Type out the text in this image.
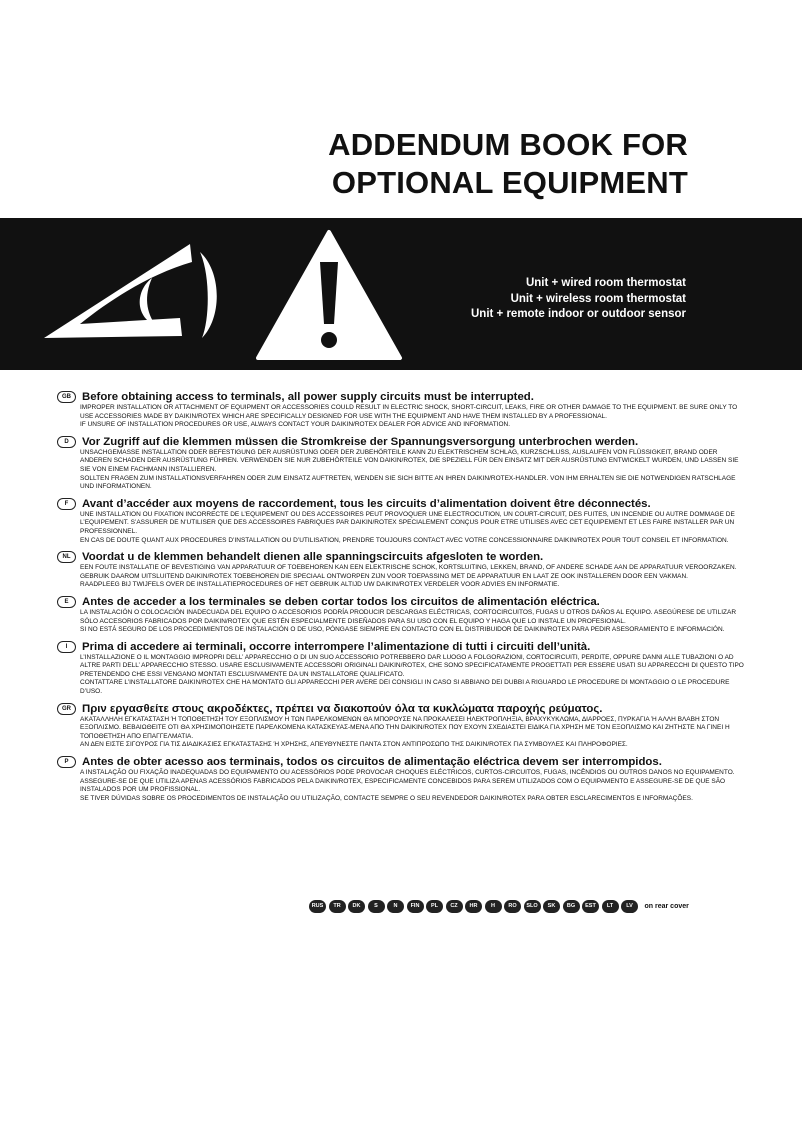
ADDENDUM BOOK FOR
OPTIONAL EQUIPMENT
Unit + wired room thermostat
Unit + wireless room thermostat
Unit + remote indoor or outdoor sensor
GB Before obtaining access to terminals, all power supply circuits must be interrupted.

IMPROPER INSTALLATION OR ATTACHMENT OF EQUIPMENT OR ACCESSORIES COULD RESULT IN ELECTRIC SHOCK, SHORT-CIRCUIT, LEAKS, FIRE OR OTHER DAMAGE TO THE EQUIPMENT. BE SURE ONLY TO USE ACCESSORIES MADE BY DAIKIN/ROTEX WHICH ARE SPECIFICALLY DESIGNED FOR USE WITH THE EQUIPMENT AND HAVE THEM INSTALLED BY A PROFESSIONAL.

IF UNSURE OF INSTALLATION PROCEDURES OR USE, ALWAYS CONTACT YOUR DAIKIN/ROTEX DEALER FOR ADVICE AND INFORMATION.

D	Vor Zugriff auf die klemmen müssen die Stromkreise der Spannungsversorgung unterbrochen werden.

UNSACHGEMASSE INSTALLATION ODER BEFESTIGUNG DER AUSRÜSTUNG ODER DER ZUBEHÖRTEILE KANN ZU ELEKTRISCHEM SCHLAG, KURZSCHLUSS, AUSLAUFEN VON FLÜSSIGKEIT, BRAND ODER ANDEREN SCHADEN DER AUSRÜSTUNG FÜHREN. VERWENDEN SIE NUR ZUBEHÖRTEILE VON DAIKIN/ROTEX, DIE SPEZIELL FÜR DEN EINSATZ MIT DER AUSRÜSTUNG ENTWICKELT WURDEN, UND LASSEN SIE SIE VON EINEM FACHMANN INSTALLIEREN.

SOLLTEN FRAGEN ZUM INSTALLATIONSVERFAHREN ODER ZUM EINSATZ AUFTRETEN, WENDEN SIE SICH BITTE AN IHREN DAIKIN/ROTEX-HANDLER. VON IHM ERHALTEN SIE DIE NOTWENDIGEN RATSCHLAGE UND INFORMATIONEN.

F	Avant d’accéder aux moyens de raccordement, tous les circuits d’alimentation doivent être déconnectés.

UNE INSTALLATION OU FIXATION INCORRECTE DE L’EQUIPEMENT OU DES ACCESSOIRES PEUT PROVOQUER UNE ELECTROCUTION, UN COURT-CIRCUIT, DES FUITES, UN INCENDIE OU AUTRE DOMMAGE DE L’EQUIPEMENT. S’ASSURER DE N’UTILISER QUE DES ACCESSOIRES FABRIQUES PAR DAIKIN/ROTEX SPECIALEMENT CONÇUS POUR ETRE UTILISES AVEC CET EQUIPEMENT ET LES FAIRE INSTALLER PAR UN PROFESSIONNEL.

EN CAS DE DOUTE QUANT AUX PROCEDURES D’INSTALLATION OU D’UTILISATION, PRENDRE TOUJOURS CONTACT AVEC VOTRE CONCESSIONNAIRE DAIKIN/ROTEX POUR TOUT CONSEIL ET INFORMATION.

NL	Voordat u de klemmen behandelt dienen alle spanningscircuits afgesloten te worden.

EEN FOUTE INSTALLATIE OF BEVESTIGING VAN APPARATUUR OF TOEBEHOREN KAN EEN ELEKTRISCHE SCHOK, KORTSLUITING, LEKKEN, BRAND, OF ANDERE SCHADE AAN DE APPARATUUR VEROORZAKEN. GEBRUIK DAAROM UITSLUITEND DAIKIN/ROTEX TOEBEHOREN DIE SPECIAAL ONTWORPEN ZIJN VOOR TOEPASSING MET DE APPARATUUR EN LAAT ZE OOK INSTALLEREN DOOR EEN VAKMAN.

RAADPLEEG BIJ TWIJFELS OVER DE INSTALLATIEPROCEDURES OF HET GEBRUIK ALTIJD UW DAIKIN/ROTEX VERDELER VOOR ADVIES EN INFORMATIE.

E	Antes de acceder a los terminales se deben cortar todos los circuitos de alimentación eléctrica.

LA INSTALACIÓN O COLOCACIÓN INADECUADA DEL EQUIPO O ACCESORIOS PODRÍA PRODUCIR DESCARGAS ELÉCTRICAS, CORTOCIRCUITOS, FUGAS U OTROS DAÑOS AL EQUIPO. ASEGÚRESE DE UTILIZAR SÓLO ACCESORIOS FABRICADOS POR DAIKIN/ROTEX QUE ESTÉN ESPECIALMENTE DISEÑADOS PARA SU USO CON EL EQUIPO Y HAGA QUE LO INSTALE UN PROFESIONAL.

SI NO ESTÁ SEGURO DE LOS PROCEDIMIENTOS DE INSTALACIÓN O DE USO, PÓNGASE SIEMPRE EN CONTACTO CON EL DISTRIBUIDOR DE DAIKIN/ROTEX PARA PEDIR ASESORAMIENTO E INFORMACIÓN.

I	Prima di accedere ai terminali, occorre interrompere l’alimentazione di tutti i circuiti dell’unità.

L’INSTALLAZIONE O IL MONTAGGIO IMPROPRI DELL’ APPARECCHIO O DI UN SUO ACCESSORIO POTREBBERO DAR LUOGO A FOLGORAZIONI, CORTOCIRCUITI, PERDITE, OPPURE DANNI ALLE TUBAZIONI O AD ALTRE PARTI DELL’ APPARECCHIO STESSO. USARE ESCLUSIVAMENTE ACCESSORI ORIGINALI DAIKIN/ROTEX, CHE SONO SPECIFICATAMENTE PROGETTATI PER ESSERE USATI SU APPARECCHI DI QUESTO TIPO PRETENDENDO CHE ESSI VENGANO MONTATI ESCLUSIVAMENTE DA UN INSTALLATORE QUALIFICATO.

CONTATTARE L’INSTALLATORE DAIKIN/ROTEX CHE HA MONTATO GLI APPARECCHI PER AVERE DEI CONSIGLI IN CASO SI ABBIANO DEI DUBBI A RIGUARDO LE PROCEDURE DI MONTAGGIO O LE PROCEDURE D’USO.

GR Πριν εργασθείτε στους ακροδέκτες, πρέπει να διακοπούν όλα τα κυκλώματα παροχής ρεύματος.

ΑΚΑΤΑΛΛΗΛΗ ΕΓΚΑΤΑΣΤΑΣΗ Ή ΤΟΠΟΘΕΤΗΣΗ ΤΟΥ ΕΞΟΠΛΙΣΜΟΥ Η ΤΩΝ ΠΑΡΕΛΚΟΜΕΝΩΝ ΘΑ ΜΠΟΡΟΥΣΕ ΝΑ ΠΡΟΚΑΛΕΣΕΙ ΗΛΕΚΤΡΟΠΛΗΞΙΑ, ΒΡΑΧΥΚΥΚΛΩΜΑ, ΔΙΑΡΡΟΕΣ, ΠΥΡΚΑΓΙΑ Ή ΑΛΛΗ ΒΛΑΒΗ ΣΤΟΝ ΕΞΟΠΛΙΣΜΟ. ΒΕΒΑΙΩΘΕΙΤΕ ΟΤΙ ΘΑ ΧΡΗΣΙΜΟΠΟΙΗΣΕΤΕ ΠΑΡΕΛΚΟΜΕΝΑ ΚΑΤΑΣΚΕΥΑΣ-ΜΕΝΑ ΑΠΟ ΤΗΝ DAIKIN/ROTEX ΠΟΥ ΕΧΟΥΝ ΣΧΕΔΙΑΣΤΕΙ ΕΙΔΙΚΑ ΓΙΑ ΧΡΗΣΗ ΜΕ ΤΟΝ ΕΞΟΠΛΙΣΜΟ ΚΑΙ ΖΗΤΗΣΤΕ ΝΑ ΓΙΝΕΙ Η ΤΟΠΟΘΕΤΗΣΗ ΑΠΟ ΕΠΑΓΓΕΛΜΑΤΙΑ.

ΑΝ ΔΕΝ ΕΙΣΤΕ ΣΙΓΟΥΡΟΣ ΓΙΑ ΤΙΣ ΔΙΑΔΙΚΑΣΙΕΣ ΕΓΚΑΤΑΣΤΑΣΗΣ Ή ΧΡΗΣΗΣ, ΑΠΕΥΘΥΝΕΣΤΕ ΠΑΝΤΑ ΣΤΟΝ ΑΝΤΙΠΡΟΣΩΠΟ ΤΗΣ DAIKIN/ROTEX ΓΙΑ ΣΥΜΒΟΥΛΕΣ ΚΑΙ ΠΛΗΡΟΦΟΡΙΕΣ.

P	Antes de obter acesso aos terminais, todos os circuitos de alimentação eléctrica devem ser interrompidos.

A INSTALAÇÃO OU FIXAÇÃO INADEQUADAS DO EQUIPAMENTO OU ACESSÓRIOS PODE PROVOCAR CHOQUES ELÉCTRICOS, CURTOS-CIRCUITOS, FUGAS, INCÊNDIOS OU OUTROS DANOS NO EQUIPAMENTO. ASSEGURE-SE DE QUE UTILIZA APENAS ACESSÓRIOS FABRICADOS PELA DAIKIN/ROTEX, ESPECIFICAMENTE CONCEBIDOS PARA SEREM UTILIZADOS COM O EQUIPAMENTO E ASSEGURE-SE DE QUE SÃO INSTALADOS POR UM PROFISSIONAL.

SE TIVER DÚVIDAS SOBRE OS PROCEDIMENTOS DE INSTALAÇÃO OU UTILIZAÇÃO, CONTACTE SEMPRE O SEU REVENDEDOR DAIKIN/ROTEX PARA OBTER ESCLARECIMENTOS E INFORMAÇÕES.

RUS	TR	DK	S	N	FIN	PL	CZ	HR	H	RO	SLO	SK	BG	EST	LT	LV	on rear cover
